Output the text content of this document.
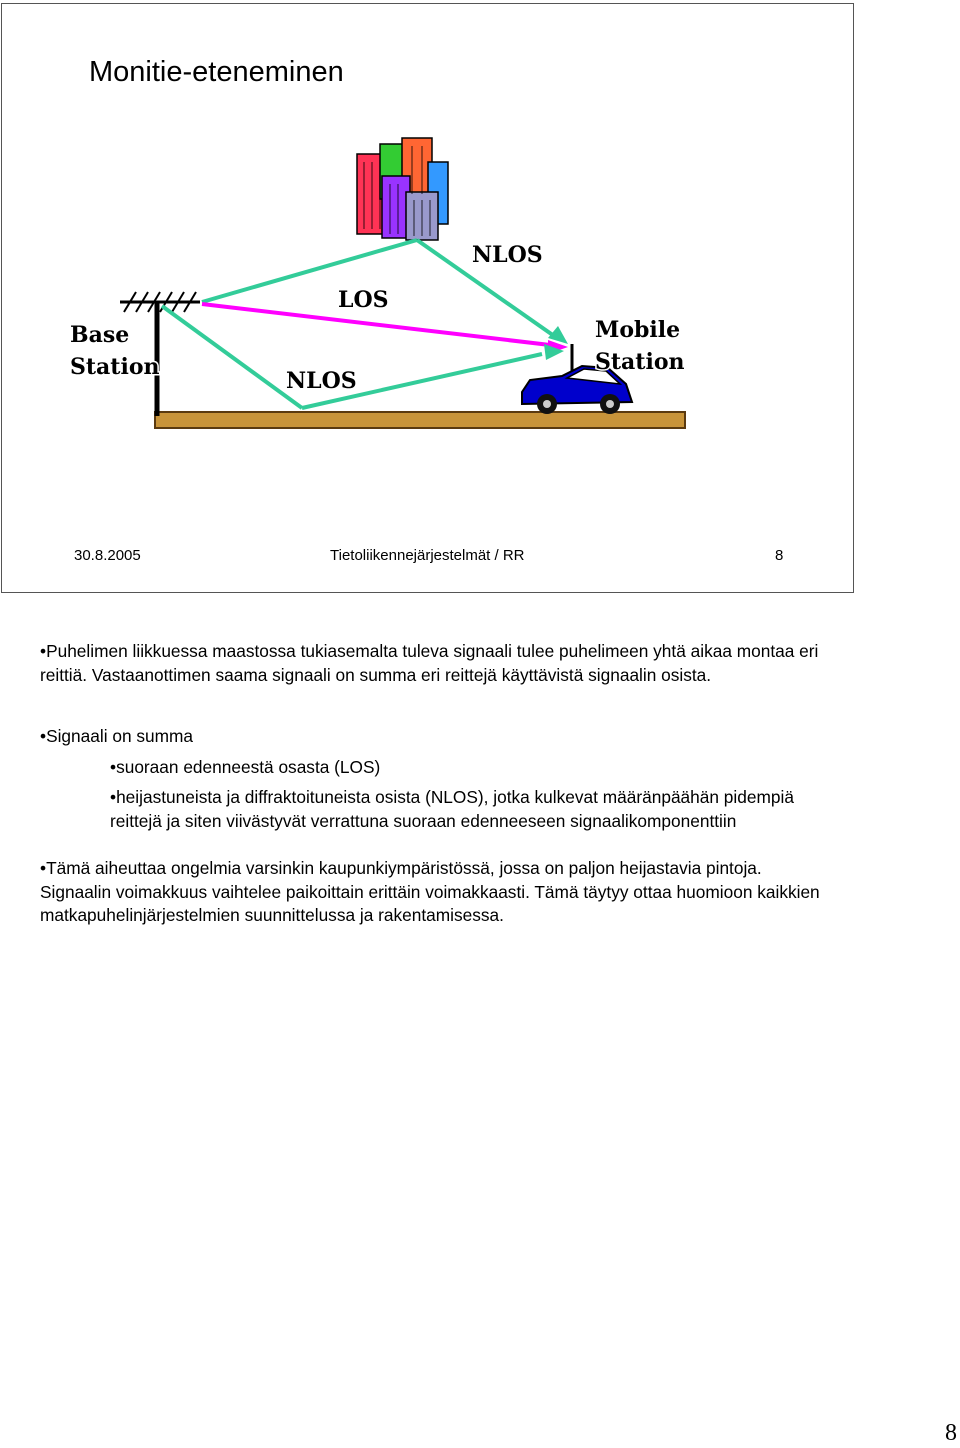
Monitie-eteneminen
Base
Station
LOS
NLOS
NLOS
Mobile
Station
30.8.2005	Tietoliikennejärjestelmät / RR	8

• Puhelimen liikkuessa maastossa tukiasemalta tuleva signaali tulee puhelimeen yhtä aikaa montaa eri reittiä. Vastaanottimen saama signaali on summa eri reittejä käyttävistä signaalin osista.

• Signaali on summa

• suoraan edenneestä osasta (LOS)

• heijastuneista ja diffraktoituneista osista (NLOS), jotka kulkevat määränpäähän pidempiä reittejä ja siten viivästyvät verrattuna suoraan edenneeseen signaalikomponenttiin

• Tämä aiheuttaa ongelmia varsinkin kaupunkiympäristössä, jossa on paljon heijastavia pintoja. Signaalin voimakkuus vaihtelee paikoittain erittäin voimakkaasti. Tämä täytyy ottaa huomioon kaikkien matkapuhelinjärjestelmien suunnittelussa ja rakentamisessa.

8
